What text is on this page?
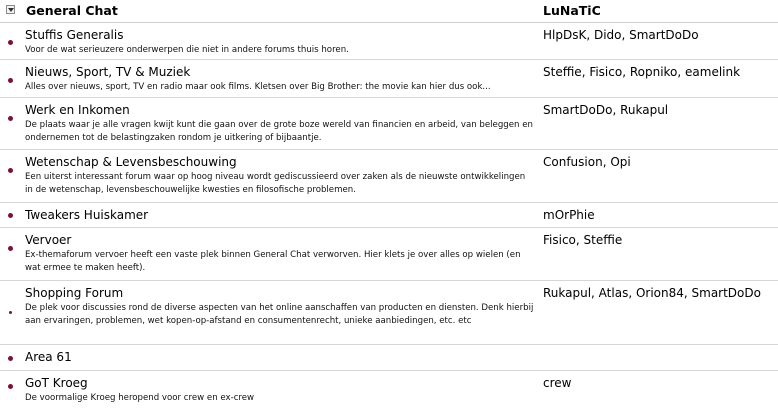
General Chat	LuNaTiC
Stuffis Generalis
Voor de wat serieuzere onderwerpen die niet in andere forums thuis horen.
HlpDsK, Dido, SmartDoDo
Nieuws, Sport, TV & Muziek
Alles over nieuws, sport, TV en radio maar ook films. Kletsen over Big Brother: the movie kan hier dus ook...
Steffie, Fisico, Ropniko, eamelink
Werk en Inkomen
De plaats waar je alle vragen kwijt kunt die gaan over de grote boze wereld van financien en arbeid, van beleggen en ondernemen tot de belastingzaken rondom je uitkering of bijbaantje.
SmartDoDo, Rukapul
Wetenschap & Levensbeschouwing
Een uiterst interessant forum waar op hoog niveau wordt gediscussieerd over zaken als de nieuwste ontwikkelingen in de wetenschap, levensbeschouwelijke kwesties en filosofische problemen.
Confusion, Opi
Tweakers Huiskamer	mOrPhie
Vervoer
Ex-themaforum vervoer heeft een vaste plek binnen General Chat verworven. Hier klets je over alles op wielen (en wat ermee te maken heeft).
Fisico, Steffie
Shopping Forum
De plek voor discussies rond de diverse aspecten van het online aanschaffen van producten en diensten. Denk hierbij aan ervaringen, problemen, wet kopen-op-afstand en consumentenrecht, unieke aanbiedingen, etc. etc
Rukapul, Atlas, Orion84, SmartDoDo
Area 61
GoT Kroeg
De voormalige Kroeg heropend voor crew en ex-crew
crew
